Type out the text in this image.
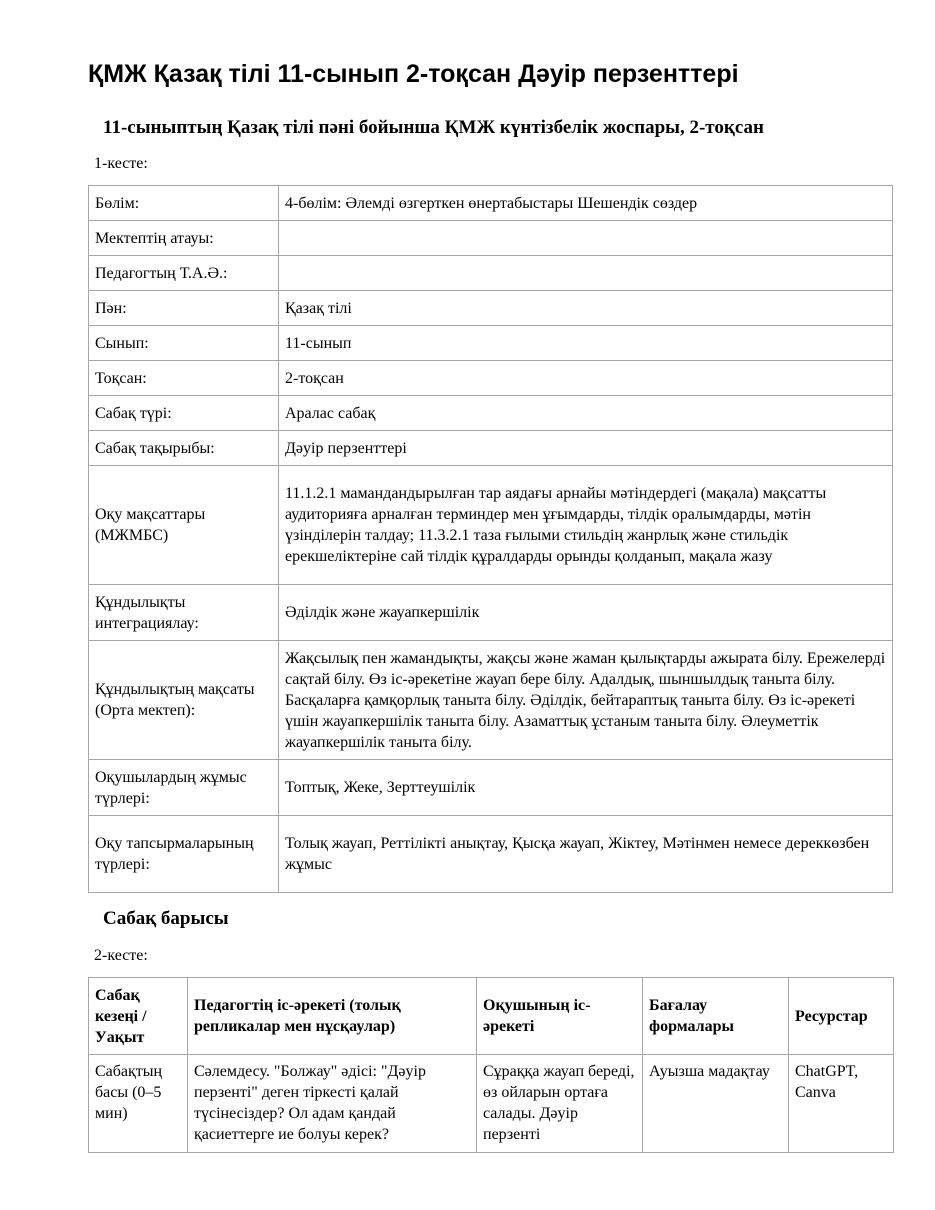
ҚМЖ Қазақ тілі 11-сынып 2-тоқсан Дәуір перзенттері
11-сыныптың Қазақ тілі пәні бойынша ҚМЖ күнтізбелік жоспары, 2-тоқсан
1-кесте:
Бөлім:	4-бөлім: Әлемді өзгерткен өнертабыстары Шешендік сөздер
Мектептің атауы:	
Педагогтың Т.А.Ә.:	
Пән:	Қазақ тілі
Сынып:	11-сынып
Тоқсан:	2-тоқсан
Сабақ түрі:	Аралас сабақ
Сабақ тақырыбы:	Дәуір перзенттері
Оқу мақсаттары (МЖМБС)	11.1.2.1 мамандандырылған тар аядағы арнайы мәтіндердегі (мақала) мақсатты аудиторияға арналған терминдер мен ұғымдарды, тілдік оралымдарды, мәтін үзінділерін талдау; 11.3.2.1 таза ғылыми стильдің жанрлық және стильдік ерекшеліктеріне сай тілдік құралдарды орынды қолданып, мақала жазу
Құндылықты интеграциялау:	Әділдік және жауапкершілік
Құндылықтың мақсаты (Орта мектеп):	Жақсылық пен жамандықты, жақсы және жаман қылықтарды ажырата білу. Ережелерді сақтай білу. Өз іс-әрекетіне жауап бере білу. Адалдық, шыншылдық таныта білу. Басқаларға қамқорлық таныта білу. Әділдік, бейтараптық таныта білу. Өз іс-әрекеті үшін жауапкершілік таныта білу. Азаматтық ұстаным таныта білу. Әлеуметтік жауапкершілік таныта білу.
Оқушылардың жұмыс түрлері:	Топтық, Жеке, Зерттеушілік
Оқу тапсырмаларының түрлері:	Толық жауап, Реттілікті анықтау, Қысқа жауап, Жіктеу, Мәтінмен немесе дереккөзбен жұмыс
Сабақ барысы
2-кесте:
Сабақ кезеңі / Уақыт	Педагогтің іс-әрекеті (толық репликалар мен нұсқаулар)	Оқушының іс-әрекеті	Бағалау формалары	Ресурстар
Сабақтың басы (0–5 мин)	Сәлемдесу. "Болжау" әдісі: "Дәуір перзенті" деген тіркесті қалай түсінесіздер? Ол адам қандай қасиеттерге ие болуы керек?	Сұраққа жауап береді, өз ойларын ортаға салады. Дәуір перзенті	Ауызша мадақтау	ChatGPT, Canva
